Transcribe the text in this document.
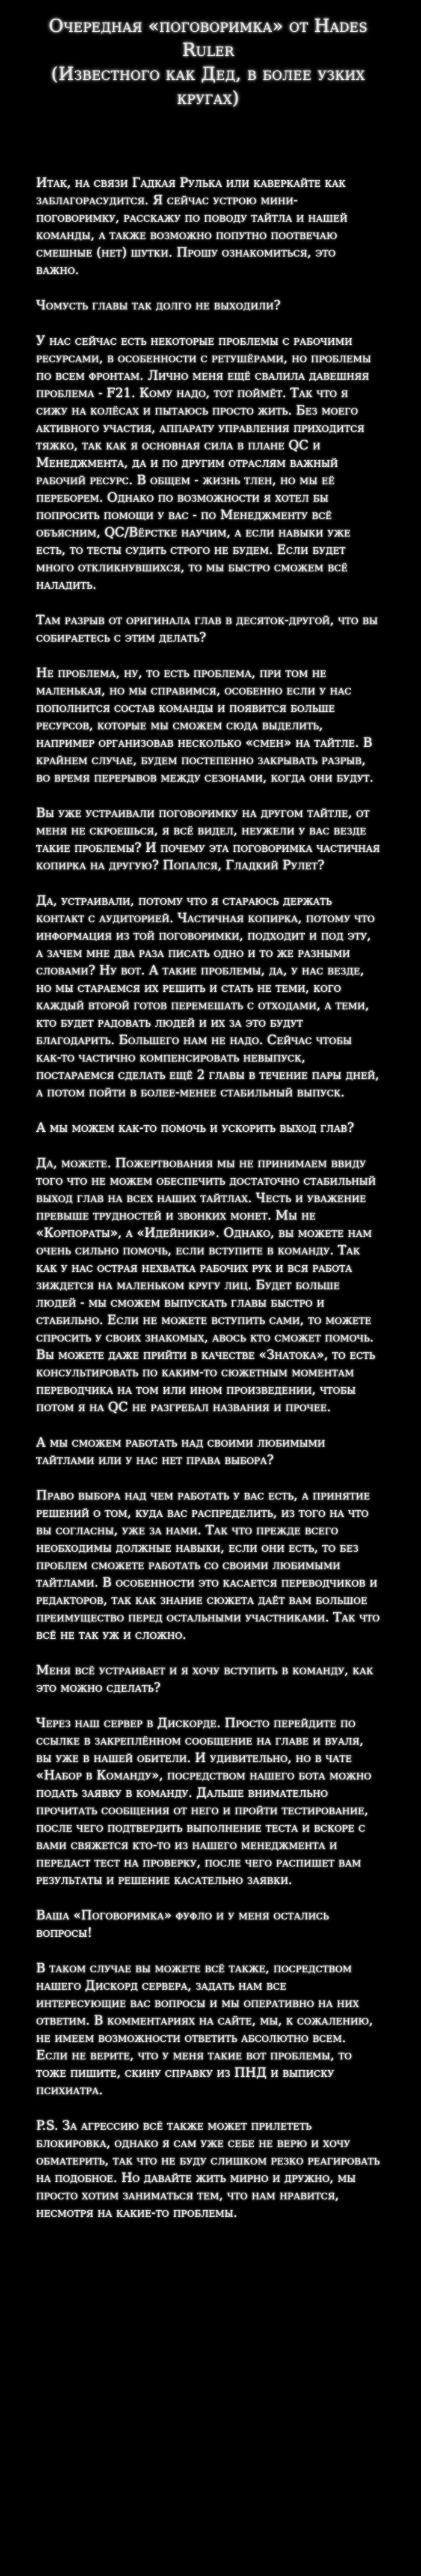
Очередная «поговоримка» от Hades Ruler
(Известного как Дед, в более узких кругах)

Итак, на связи Гадкая Рулька или каверкайте как заблагорасудится. Я сейчас устрою мини-поговоримку, расскажу по поводу тайтла и нашей команды, а также возможно попутно поотвечаю смешные (нет) шутки. Прошу ознакомиться, это важно.

Чомусть главы так долго не выходили?

У нас сейчас есть некоторые проблемы с рабочими ресурсами, в особенности с ретушёрами, но проблемы по всем фронтам. Лично меня ещё свалила давешняя проблема - F21. Кому надо, тот поймёт. Так что я сижу на колёсах и пытаюсь просто жить. Без моего активного участия, аппарату управления приходится тяжко, так как я основная сила в плане QC и Менеджмента, да и по другим отраслям важный рабочий ресурс. В общем - жизнь тлен, но мы её переборем. Однако по возможности я хотел бы попросить помощи у вас - по Менеджменту всё объясним, QC/Вёрстке научим, а если навыки уже есть, то тесты судить строго не будем. Если будет много откликнувшихся, то мы быстро сможем всё наладить.

Там разрыв от оригинала глав в десяток-другой, что вы собираетесь с этим делать?

Не проблема, ну, то есть проблема, при том не маленькая, но мы справимся, особенно если у нас пополнится состав команды и появится больше ресурсов, которые мы сможем сюда выделить, например организовав несколько «смен» на тайтле. В крайнем случае, будем постепенно закрывать разрыв, во время перерывов между сезонами, когда они будут.

Вы уже устраивали поговоримку на другом тайтле, от меня не скроешься, я всё видел, неужели у вас везде такие проблемы? И почему эта поговоримка частичная копирка на другую? Попался, Гладкий Рулет?

Да, устраивали, потому что я стараюсь держать контакт с аудиторией. Частичная копирка, потому что информация из той поговоримки, подходит и под эту, а зачем мне два раза писать одно и то же разными словами? Ну вот. А такие проблемы, да, у нас везде, но мы стараемся их решить и стать не теми, кого каждый второй готов перемешать с отходами, а теми, кто будет радовать людей и их за это будут благодарить. Большего нам не надо. Сейчас чтобы как-то частично компенсировать невыпуск, постараемся сделать ещё 2 главы в течение пары дней, а потом пойти в более-менее стабильный выпуск.

А мы можем как-то помочь и ускорить выход глав?

Да, можете. Пожертвования мы не принимаем ввиду того что не можем обеспечить достаточно стабильный выход глав на всех наших тайтлах. Честь и уважение превыше трудностей и звонких монет. Мы не «Корпораты», а «Идейники». Однако, вы можете нам очень сильно помочь, если вступите в команду. Так как у нас острая нехватка рабочих рук и вся работа зиждется на маленьком кругу лиц. Будет больше людей - мы сможем выпускать главы быстро и стабильно. Если не можете вступить сами, то можете спросить у своих знакомых, авось кто сможет помочь. Вы можете даже прийти в качестве «Знатока», то есть консультировать по каким-то сюжетным моментам переводчика на том или ином произведении, чтобы потом я на QC не разгребал названия и прочее.

А мы сможем работать над своими любимыми тайтлами или у нас нет права выбора?

Право выбора над чем работать у вас есть, а принятие решений о том, куда вас распределить, из того на что вы согласны, уже за нами. Так что прежде всего необходимы должные навыки, если они есть, то без проблем сможете работать со своими любимыми тайтлами. В особенности это касается переводчиков и редакторов, так как знание сюжета даёт вам большое преимущество перед остальными участниками. Так что всё не так уж и сложно.

Меня всё устраивает и я хочу вступить в команду, как это можно сделать?

Через наш сервер в Дискорде. Просто перейдите по ссылке в закреплённом сообщение на главе и вуаля, вы уже в нашей обители. И удивительно, но в чате «Набор в Команду», посредством нашего бота можно подать заявку в команду. Дальше внимательно прочитать сообщения от него и пройти тестирование, после чего подтвердить выполнение теста и вскоре с вами свяжется кто-то из нашего менеджмента и передаст тест на проверку, после чего распишет вам результаты и решение касательно заявки.

Ваша «Поговоримка» фуфло и у меня остались вопросы!

В таком случае вы можете всё также, посредством нашего Дискорд сервера, задать нам все интересующие вас вопросы и мы оперативно на них ответим. В комментариях на сайте, мы, к сожалению, не имеем возможности ответить абсолютно всем. Если не верите, что у меня такие вот проблемы, то тоже пишите, скину справку из ПНД и выписку психиатра.

P.S. За агрессию всё также может прилететь блокировка, однако я сам уже себе не верю и хочу обматерить, так что не буду слишком резко реагировать на подобное. Но давайте жить мирно и дружно, мы просто хотим заниматься тем, что нам нравится, несмотря на какие-то проблемы.
